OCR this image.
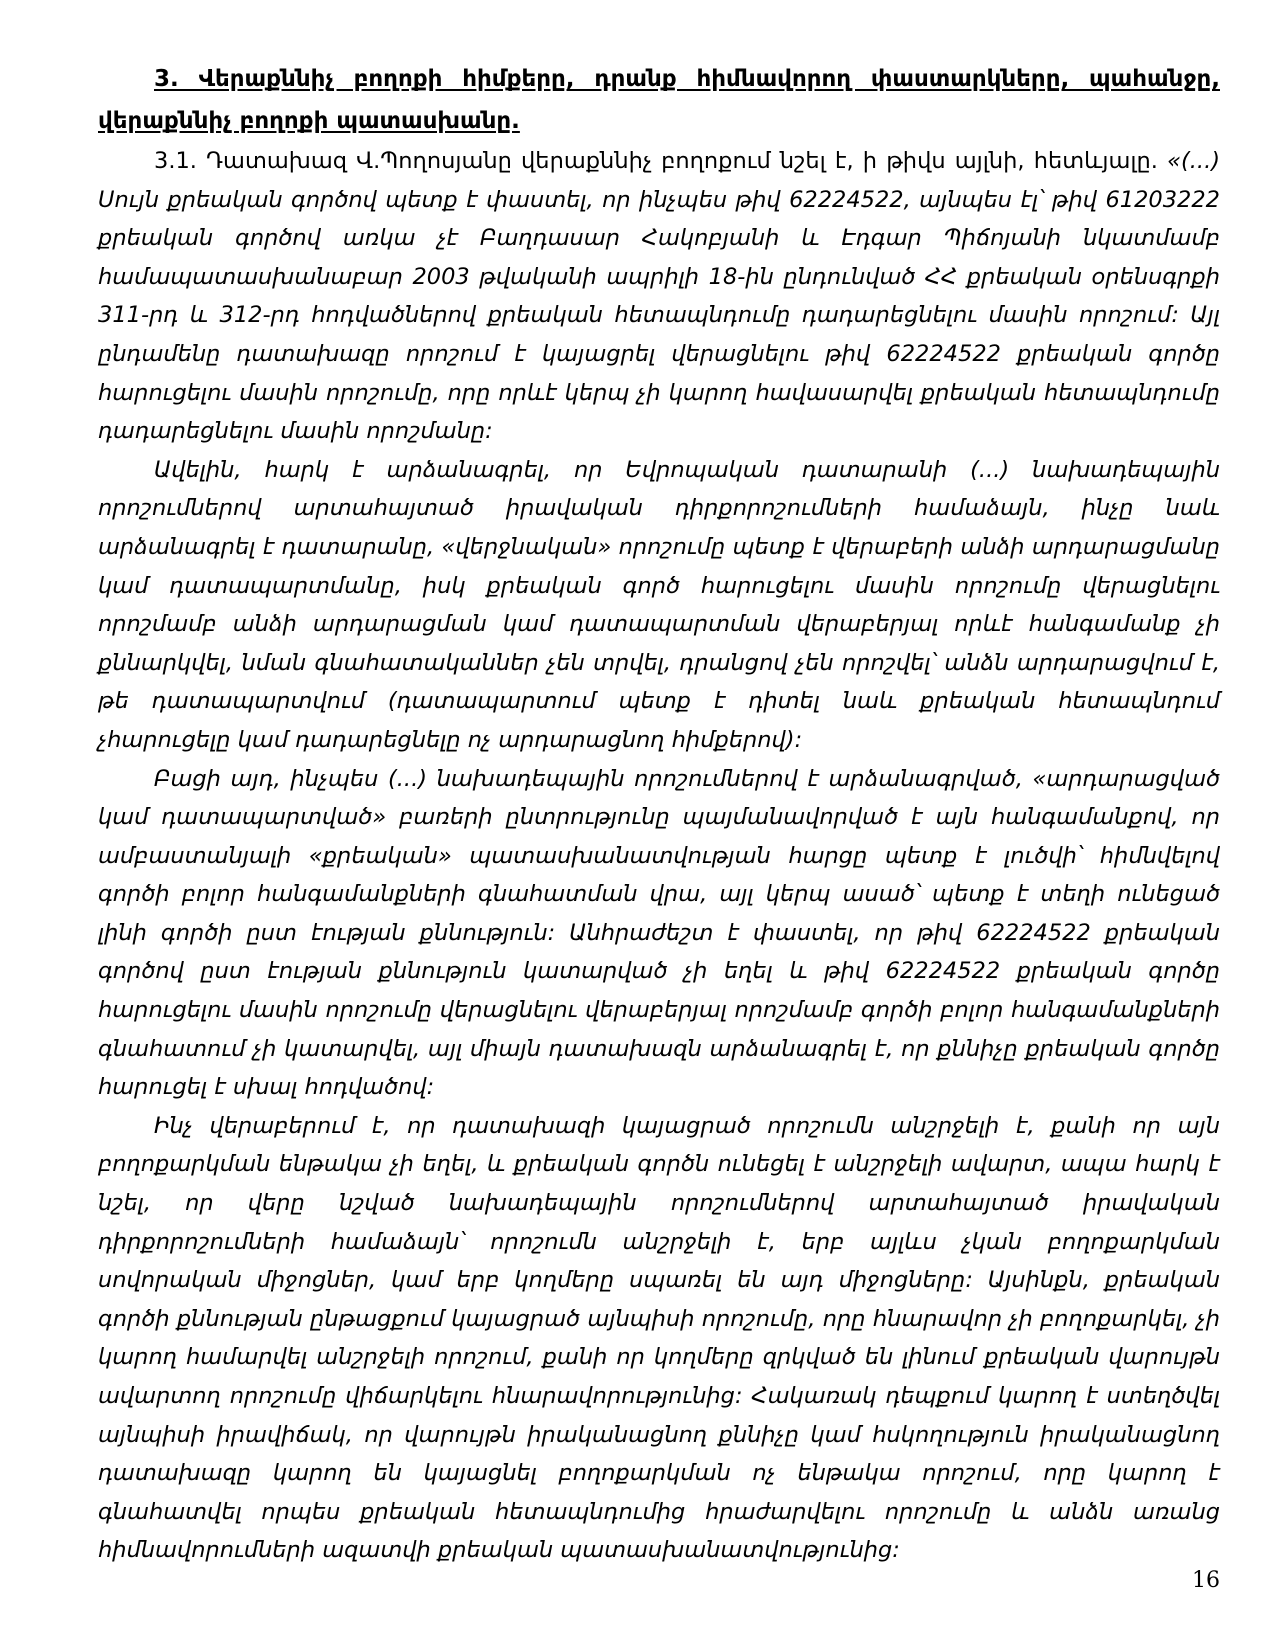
3. Վերաքննիչ բողոքի հիմքերը, դրանք հիմնավորող փաստարկները, պահանջը, վերաքննիչ բողոքի պատասխանը.

3.1. Դատախազ Վ.Պողոսյանը վերաքննիչ բողոքում նշել է, ի թիվս այլնի, հետևյալը. «(...) Սույն քրեական գործով պետք է փաստել, որ ինչպես թիվ 62224522, այնպես էլ՝ թիվ 61203222 քրեական գործով առկա չէ Բաղդասար Հակոբյանի և Էդգար Պիճոյանի նկատմամբ համապատասխանաբար 2003 թվականի ապրիլի 18-ին ընդունված ՀՀ քրեական օրենսգրքի 311-րդ և 312-րդ հոդվածներով քրեական հետապնդումը դադարեցնելու մասին որոշում: Այլ ընդամենը դատախազը որոշում է կայացրել վերացնելու թիվ 62224522 քրեական գործը հարուցելու մասին որոշումը, որը որևէ կերպ չի կարող հավասարվել քրեական հետապնդումը դադարեցնելու մասին որոշմանը:

Ավելին, հարկ է արձանագրել, որ Եվրոպական դատարանի (...) նախադեպային որոշումներով արտահայտած իրավական դիրքորոշումների համաձայն, ինչը նաև արձանագրել է դատարանը, «վերջնական» որոշումը պետք է վերաբերի անձի արդարացմանը կամ դատապարտմանը, իսկ քրեական գործ հարուցելու մասին որոշումը վերացնելու որոշմամբ անձի արդարացման կամ դատապարտման վերաբերյալ որևէ հանգամանք չի քննարկվել, նման գնահատականներ չեն տրվել, դրանցով չեն որոշվել՝ անձն արդարացվում է, թե դատապարտվում (դատապարտում պետք է դիտել նաև քրեական հետապնդում չհարուցելը կամ դադարեցնելը ոչ արդարացնող հիմքերով):

Բացի այդ, ինչպես (...) նախադեպային որոշումներով է արձանագրված, «արդարացված կամ դատապարտված» բառերի ընտրությունը պայմանավորված է այն հանգամանքով, որ ամբաստանյալի «քրեական» պատասխանատվության հարցը պետք է լուծվի՝ հիմնվելով գործի բոլոր հանգամանքների գնահատման վրա, այլ կերպ ասած՝ պետք է տեղի ունեցած լինի գործի ըստ էության քննություն: Անհրաժեշտ է փաստել, որ թիվ 62224522 քրեական գործով ըստ էության քննություն կատարված չի եղել և թիվ 62224522 քրեական գործը հարուցելու մասին որոշումը վերացնելու վերաբերյալ որոշմամբ գործի բոլոր հանգամանքների գնահատում չի կատարվել, այլ միայն դատախազն արձանագրել է, որ քննիչը քրեական գործը հարուցել է սխալ հոդվածով:

Ինչ վերաբերում է, որ դատախազի կայացրած որոշումն անշրջելի է, քանի որ այն բողոքարկման ենթակա չի եղել, և քրեական գործն ունեցել է անշրջելի ավարտ, ապա հարկ է նշել, որ վերը նշված նախադեպային որոշումներով արտահայտած իրավական դիրքորոշումների համաձայն՝ որոշումն անշրջելի է, երբ այլևս չկան բողոքարկման սովորական միջոցներ, կամ երբ կողմերը սպառել են այդ միջոցները: Այսինքն, քրեական գործի քննության ընթացքում կայացրած այնպիսի որոշումը, որը հնարավոր չի բողոքարկել, չի կարող համարվել անշրջելի որոշում, քանի որ կողմերը զրկված են լինում քրեական վարույթն ավարտող որոշումը վիճարկելու հնարավորությունից: Հակառակ դեպքում կարող է ստեղծվել այնպիսի իրավիճակ, որ վարույթն իրականացնող քննիչը կամ հսկողություն իրականացնող դատախազը կարող են կայացնել բողոքարկման ոչ ենթակա որոշում, որը կարող է գնահատվել որպես քրեական հետապնդումից հրաժարվելու որոշումը և անձն առանց հիմնավորումների ազատվի քրեական պատասխանատվությունից:

16
